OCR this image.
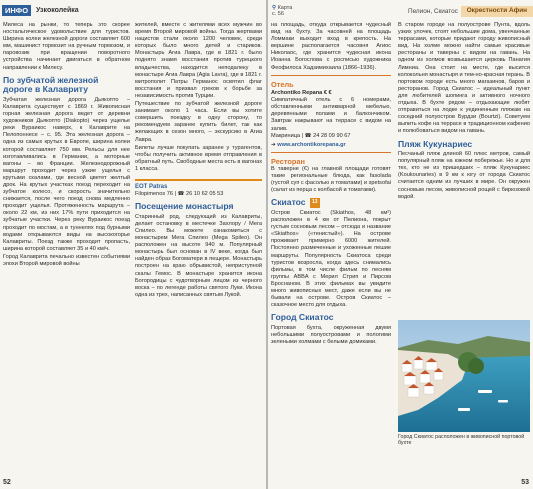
ИНФО	Узкоколейка

Милеса на рынки, то теперь это скорее ностальгическое удовольствие для туристов. Ширина колеи железной дороги составляет 600 мм, машинист тормозит на ручным тормозом, и паровозик при вращении поворотного устройства начинает двигаться в обратном направлении к Милесу.

По зубчатой железной дороге в Калавриту

Зубчатая железная дорога Дьякопто – Калаврита существует с 1869 г. Живописная горная железная дорога ведет от деревни художников Дьякопто (Diakopto) через ущелье реки Вураикос наверх, к Калаврите на Пелопоннесе – с. 95. Эта железная дорога – одна из самых крутых в Европе, ширина колеи которой составляет 750 мм. Рельсы для нее изготавливались в Германии, а моторные вагоны – во Франции. Железнодорожный маршрут проходит через узкие ущелья с крутыми скалами, где весной цветет желтый дрок. На крутых участках поезд переходит на зубчатое колесо, и скорость значительно снижается, после чего поезд снова медленно проходит ущелья. Протяженность маршрута – около 22 км, из них 17% пути приходится на зубчатые участки. Через реку Вураикос поезд проходит по мостам, а в туннелях под бурными водами открываются виды на высокогорье Калавриты. Поезд также проходит пропасть, ширина которой составляет 35 и 40 км/ч.

Город Калаврита печально известен событиями эпохи Второй мировой войны

жителей, вместе с жителями всех мужчин во время Второй мировой войны. Тогда жертвами нацистов стали около 1200 человек, среди которых было много детей и стариков. Монастырь Агиа Лавра, где в 1821 г. было поднято знамя восстания против турецкого владычества, находится неподалеку в монастыре Агиа Лавра (Agia Lavra), где в 1821 г. митрополит Патры Германос освятил флаг восстания и призвал греков к борьбе за независимость против Турции.

Путешествие по зубчатой железной дороге занимает около 1 часа. Если вы хотите совершить поездку в одну сторону, то рекомендуем заранее купить билет, так как желающих в сезон много, – экскурсию в Агиа Лавра.

Билеты лучше покупать заранее у турагентов, чтобы получить активное время отправления в обратный путь. Свободные места есть в вагонах 1 класса.

EOT Patras
Filopimenos 76 | ☎ 26 10 62 05 53
Посещение монастыря

Старинный род, следующий из Калавриты, делает остановку в местечке Захлору / Мега Спилео. Вы можете ознакомиться с монастырем Мега Спилео (Mega Spileo). Он расположен на высоте 940 м. Популярный монастырь был основан в IV веке, когда был найден образ Богоматери в пещере. Монастырь построен на краю обрывистой, неприступной скалы Гемос. В монастыре хранится икона Богородицы с чудотворным лицом из черного воска – по легенде работы святого Луки. Икона одна из трех, написанных святым Лукой.

52
⚲ Карта
с. 56	Пелион, Скиатос	Окрестности Афин

на площадь, откуда открывается чудесный вид на бухту. За часовней на площадь Ломмаки выходит вход в крепость. На вершине располагается часовня Агиос Николаос, где хранится чудесная икона Иоанна Богослова с росписью художника Феофилоса Хадзимихаила (1866–1936).

Отель
Archontiko Repana € €

Симпатичный отель с 6 номерами, обставленными антикварной мебелью, деревянными полами и балкончиком. Завтрак накрывают на террасе с видом на залив.

Макриница | ☎ 24 28 09 90 67
➜ www.archontikorepana.gr
Ресторан

В таверне (€) на главной площади готовят такие региональные блюда, как fasolada (густой суп с фасолью и томатами) и spetsofai (салат из перца с колбасой и томатами).

Скиатос 13

Остров Скиатос (Skiathos, 48 км²) расположен в 4 км от Пелиона, покрыт густым сосновым лесом – отсюда и название «Skiathos» («тенистый»). На острове проживает примерно 6000 жителей. Постоянно размеченные и ухоженные пешие маршруты. Популярность Скиатоса среди туристов возросла, когда здесь снимались фильмы, в том числе фильм по песням группы ABBA с Мерил Стрип и Пирсом Броснаном. В этих фильмах вы увидите много живописных мест, даже если вы не бывали на острове. Остров Скиатос – сказочное место для отдыха.

Город Скиатос

Портовая бухта, окруженная двумя небольшими полуостровами и пологими зелеными холмами с белыми домиками.

В старом городе на полуострове Пунта, вдоль узких улочек, стоят небольшие дома, увенчанные террасами, которые придают городу живописный вид. На холме можно найти самые красивые рестораны и таверны с видом на гавань. На одном из холмов возвышается церковь Панагия Лимниа. Она стоит на месте, где высится колокольня монастыря и тем-но-красная герань. В портовом городе есть много магазинов, баров и ресторанов. Город Скиатос – идеальный пункт для любителей шопинга и активного ночного отдыха. В бухте рядом – отдыхающие любят отправиться на лодке к уединенным пляжам на соседний полуостров Бурдзи (Bourtzi). Советуем выпить кофе на террасе в традиционном кафенио и полюбоваться видом на гавань.

Пляж Кукунариес

Песчаный пляж длиной 60 плюс метров, самый популярный пляж на южном побережье. Но и для тех, кто не из пришедших – пляж Кукунариес (Koukounaries) в 9 км к югу от города Скиатос считается одним из лучших в мире. Он окружен сосновым лесом, живописной рощей с бирюзовой водой.

Город Скиатос расположен в живописной портовой бухте
53
